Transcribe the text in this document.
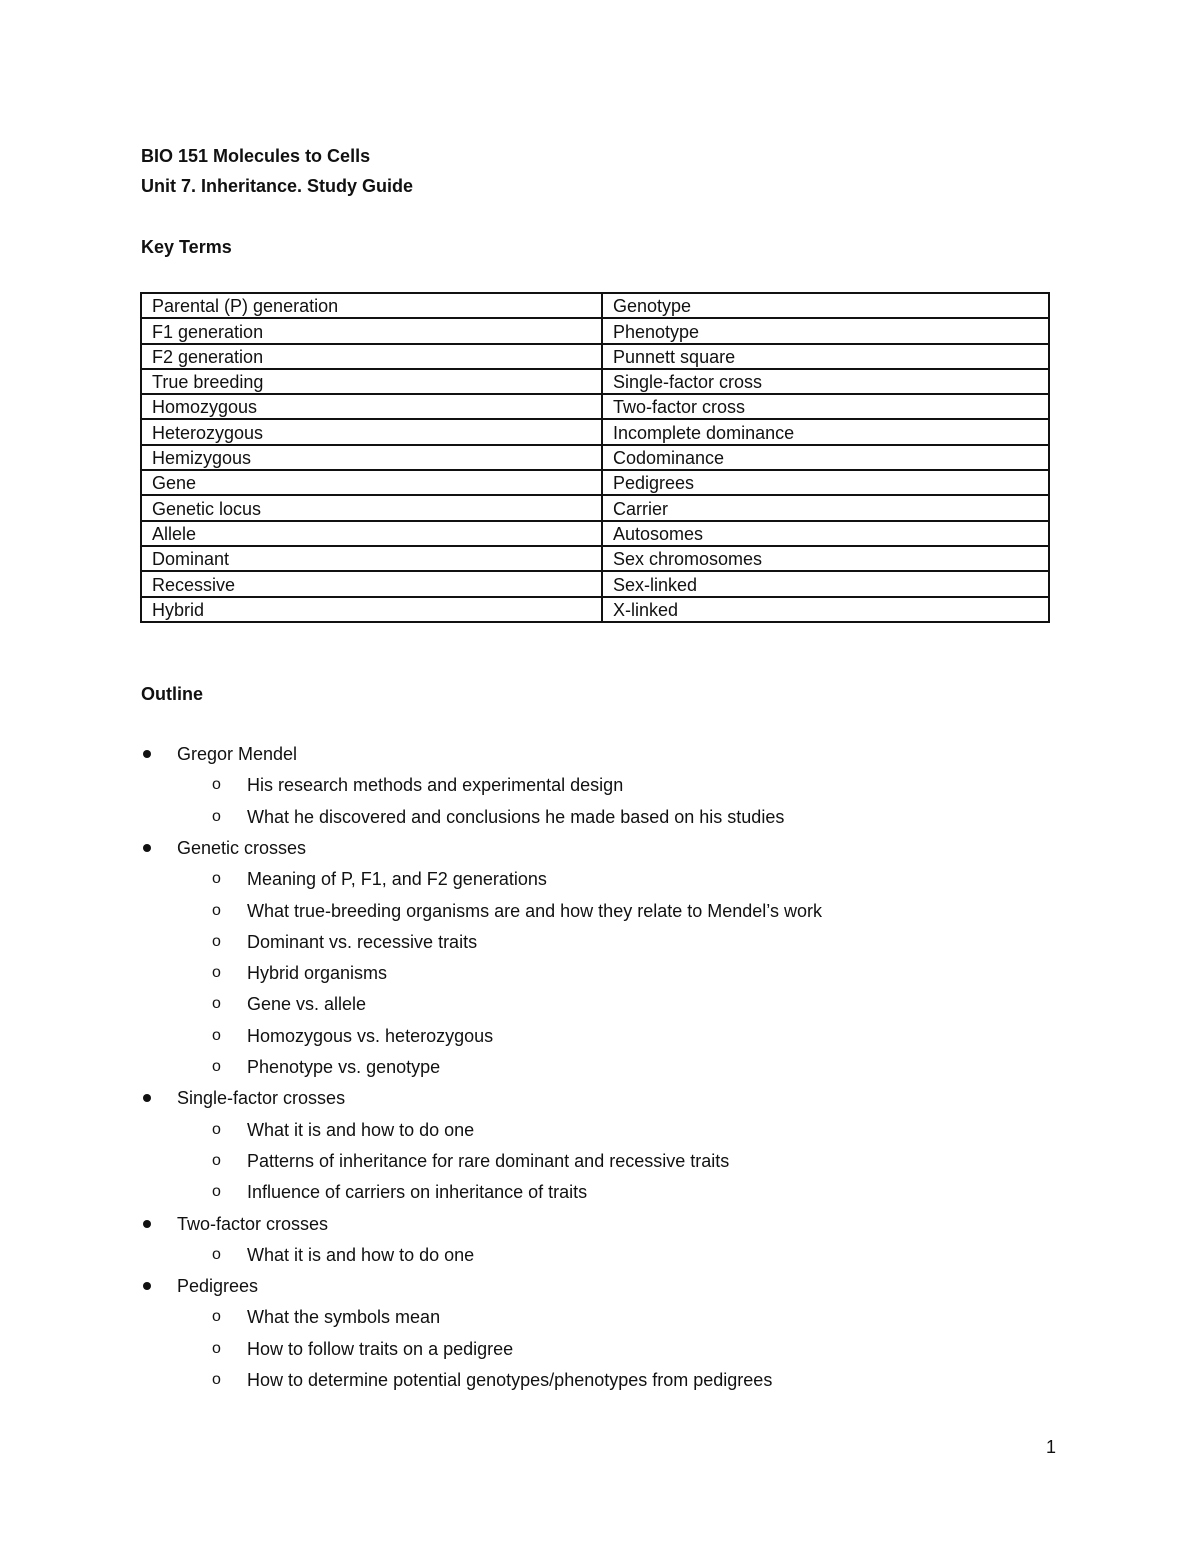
BIO 151 Molecules to Cells
Unit 7. Inheritance. Study Guide
Key Terms
Parental (P) generation	Genotype
F1 generation	Phenotype
F2 generation	Punnett square
True breeding	Single-factor cross
Homozygous	Two-factor cross
Heterozygous	Incomplete dominance
Hemizygous	Codominance
Gene	Pedigrees
Genetic locus	Carrier
Allele	Autosomes
Dominant	Sex chromosomes
Recessive	Sex-linked
Hybrid	X-linked
Outline
Gregor Mendel
o His research methods and experimental design
o What he discovered and conclusions he made based on his studies
Genetic crosses
o Meaning of P, F1, and F2 generations
o What true-breeding organisms are and how they relate to Mendel’s work
o Dominant vs. recessive traits
o Hybrid organisms
o Gene vs. allele
o Homozygous vs. heterozygous
o Phenotype vs. genotype
Single-factor crosses
o What it is and how to do one
o Patterns of inheritance for rare dominant and recessive traits
o Influence of carriers on inheritance of traits
Two-factor crosses
o What it is and how to do one
Pedigrees
o What the symbols mean
o How to follow traits on a pedigree
o How to determine potential genotypes/phenotypes from pedigrees
1
